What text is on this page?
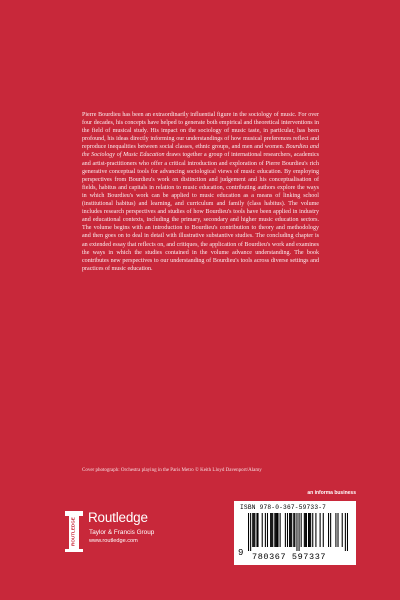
Pierre Bourdieu has been an extraordinarily influential figure in the sociology of music. For over four decades, his concepts have helped to generate both empirical and theoretical interventions in the field of musical study. His impact on the sociology of music taste, in particular, has been profound, his ideas directly informing our understandings of how musical preferences reflect and reproduce inequalities between social classes, ethnic groups, and men and women. Bourdieu and the Sociology of Music Education draws together a group of international researchers, academics and artist-practitioners who offer a critical introduction and exploration of Pierre Bourdieu's rich generative conceptual tools for advancing sociological views of music education. By employing perspectives from Bourdieu's work on distinction and judgement and his conceptualisation of fields, habitus and capitals in relation to music education, contributing authors explore the ways in which Bourdieu's work can be applied to music education as a means of linking school (institutional habitus) and learning, and curriculum and family (class habitus). The volume includes research perspectives and studies of how Bourdieu's tools have been applied in industry and educational contexts, including the primary, secondary and higher music education sectors. The volume begins with an introduction to Bourdieu's contribution to theory and methodology and then goes on to deal in detail with illustrative substantive studies. The concluding chapter is an extended essay that reflects on, and critiques, the application of Bourdieu's work and examines the ways in which the studies contained in the volume advance understanding. The book contributes new perspectives to our understanding of Bourdieu's tools across diverse settings and practices of music education.

Cover photograph: Orchestra playing in the Paris Metro © Keith Lloyd Davenport/Alamy
an informa business
ROUTLEDGE Routledge
Taylor & Francis Group
www.routledge.com
ISBN 978-0-367-59733-7
9 780367 597337
